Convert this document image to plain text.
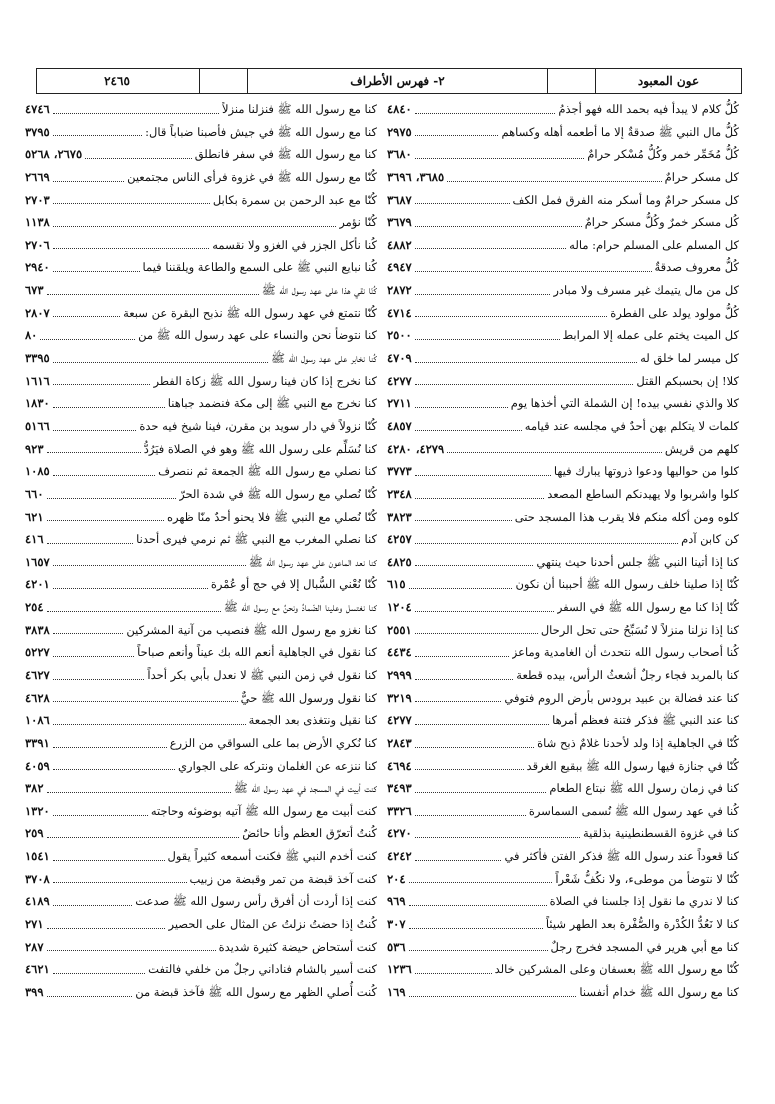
عون المعبود
٢- فهرس الأطراف
٢٤٦٥
كُلُّ كلام لا يبدأ فيه بحمد الله فهو أجذمُ
٤٨٤٠
كُلُّ مال النبي ﷺ صدقةٌ إلا ما أطعمه أهله وكساهم
٢٩٧٥
كُلُّ مُخَمِّر خمر وكُلُّ مُسْكر حرامٌ
٣٦٨٠
كل مسكر حرامٌ
٣٦٨٥، ٣٦٩٦
كل مسكر حرامٌ وما أسكر منه الفرق فمل الكف
٣٦٨٧
كُل مسكر خمرٌ وكُلُّ مسكر حرامٌ
٣٦٧٩
كل المسلم على المسلم حرام: ماله
٤٨٨٢
كُلُّ معروف صدقةٌ
٤٩٤٧
كل من مال يتيمك غير مسرف ولا مبادر
٢٨٧٢
كُلُّ مولود يولد على الفطرة
٤٧١٤
كل الميت يختم على عمله إلا المرابط
٢٥٠٠
كل ميسر لما خلق له
٤٧٠٩
كلا! إن بحسبكم القتل
٤٢٧٧
كلا والذي نفسي بيده! إن الشملة التي أخذها يوم
٢٧١١
كلمات لا يتكلم بهن أحدٌ في مجلسه عند قيامه
٤٨٥٧
كلهم من قريش
٤٢٧٩، ٤٢٨٠
كلوا من حواليها ودعوا ذروتها يبارك فيها
٣٧٧٣
كلوا واشربوا ولا يهيدنكم الساطع المصعد
٢٣٤٨
كلوه ومن أكله منكم فلا يقرب هذا المسجد حتى
٣٨٢٣
كن كابن آدم
٤٢٥٧
كنا إذا أتينا النبي ﷺ جلس أحدنا حيث ينتهي
٤٨٢٥
كُنّا إذا صلينا خلف رسول الله ﷺ أحببنا أن نكون
٦١٥
كُنّا إذا كنا مع رسول الله ﷺ في السفر
١٢٠٤
كنا إذا نزلنا منزلاً لا نُسَبِّحُ حتى تحل الرحال
٢٥٥١
كُنا أصحاب رسول الله نتحدث أن الغامدية وماعز
٤٤٣٤
كنا بالمربد فجاء رجلٌ أشعثُ الرأس، بيده قطعة
٢٩٩٩
كنا عند فضالة بن عبيد برودس بأرض الروم فتوفي
٣٢١٩
كنا عند النبي ﷺ فذكر فتنة فعظم أمرها
٤٢٧٧
كُنّا في الجاهلية إذا ولد لأحدنا غلامٌ ذبح شاة
٢٨٤٣
كُنّا في جنازة فيها رسول الله ﷺ ببقيع الغرقد
٤٦٩٤
كنا في زمان رسول الله ﷺ نبتاع الطعام
٣٤٩٣
كُنا في عهد رسول الله ﷺ نُسمى السماسرة
٣٣٢٦
كنا في غزوة القسطنطينية بذلقية
٤٢٧٠
كنا قعوداً عند رسول الله ﷺ فذكر الفتن فأكثر في
٤٢٤٢
كُنّا لا نتوضأ من موطىء، ولا نكُفُّ شَعْراً
٢٠٤
كنا لا ندري ما نقول إذا جلسنا في الصلاة
٩٦٩
كنا لا نَعُدُّ الكُدْرة والصُّفْرة بعد الطهر شيئاً
٣٠٧
كنا مع أبي هرير في المسجد فخرج رجلٌ
٥٣٦
كُنّا مع رسول الله ﷺ بعسفان وعلى المشركين خالد
١٢٣٦
كنا مع رسول الله ﷺ خدام أنفسنا
١٦٩
كنا مع رسول الله ﷺ فنزلنا منزلاً
٤٧٤٦
كنا مع رسول الله ﷺ في جيش فأصبنا ضباباً قال:
٣٧٩٥
كنا مع رسول الله ﷺ في سفر فانطلق
٢٦٧٥، ٥٢٦٨
كُنّا مع رسول الله ﷺ في غزوة فرأى الناس مجتمعين
٢٦٦٩
كُنّا مع عبد الرحمن بن سمرة بكابل
٢٧٠٣
كُنّا نؤمر
١١٣٨
كُنا نأكل الجزر في الغزو ولا نقسمه
٢٧٠٦
كُنا نبايع النبي ﷺ على السمع والطاعة ويلقننا فيما
٢٩٤٠
كُنّا نقي هذا على عهد رسول الله ﷺ
٦٧٣
كُنّا نتمتع في عهد رسول الله ﷺ نذبح البقرة عن سبعة
٢٨٠٧
كنا نتوضأ نحن والنساء على عهد رسول الله ﷺ من
٨٠
كُنا نخابر على عهد رسول الله ﷺ
٣٣٩٥
كنا نخرج إذا كان فينا رسول الله ﷺ زكاة الفطر
١٦١٦
كنا نخرج مع النبي ﷺ إلى مكة فنضمد جباهنا
١٨٣٠
كُنّا نزولاً في دار سويد بن مقرن، فينا شيخ فيه حدة
٥١٦٦
كنا نُسَلِّم على رسول الله ﷺ وهو في الصلاة فيَرُدُّ
٩٢٣
كنا نصلي مع رسول الله ﷺ الجمعة ثم ننصرف
١٠٨٥
كُنّا نُصلي مع رسول الله ﷺ في شدة الحرّ
٦٦٠
كُنّا نُصلي مع النبي ﷺ فلا يحنو أحدٌ منّا ظهره
٦٢١
كنا نصلي المغرب مع النبي ﷺ ثم نرمي فيرى أحدنا
٤١٦
كنا نعد الماعون على عهد رسول الله ﷺ
١٦٥٧
كُنّا نُعْني السُّبال إلا في حج أو عُمْرة
٤٢٠١
كنا نغتسل وعلينا الضّمادُ ونحنُ مع رسول الله ﷺ
٢٥٤
كنا نغزو مع رسول الله ﷺ فنصيب من آنية المشركين
٣٨٣٨
كنا نقول في الجاهلية أنعم الله بك عيناً وأنعم صباحاً
٥٢٢٧
كنا نقول في زمن النبي ﷺ لا نعدل بأبي بكر أحداً
٤٦٢٧
كنا نقول ورسول الله ﷺ حيٌّ
٤٦٢٨
كنا نقيل ونتغذى بعد الجمعة
١٠٨٦
كنا نُكري الأرض بما على السواقي من الزرع
٣٣٩١
كنا ننزعه عن الغلمان ونتركه على الجواري
٤٠٥٩
كنت أبيت في المسجد في عهد رسول الله ﷺ
٣٨٢
كنت أبيت مع رسول الله ﷺ آتيه بوضوئه وحاجته
١٣٢٠
كُنتُ أتعرّق العظم وأنا حائضٌ
٢٥٩
كنت أخدم النبي ﷺ فكنت أسمعه كثيراً يقول
١٥٤١
كنت آخذ قبضة من تمر وقبضة من زبيب
٣٧٠٨
كنت إذا أردت أن أفرق رأس رسول الله ﷺ صدعت
٤١٨٩
كُنتُ إذا حضتُ نزلتُ عن المثال على الحصير
٢٧١
كنت أستحاض حيضة كثيرة شديدة
٢٨٧
كنت أسير بالشام فناداني رجلٌ من خلفي فالتفت
٤٦٢١
كُنت أُصلي الظهر مع رسول الله ﷺ فآخذ قبضة من
٣٩٩
